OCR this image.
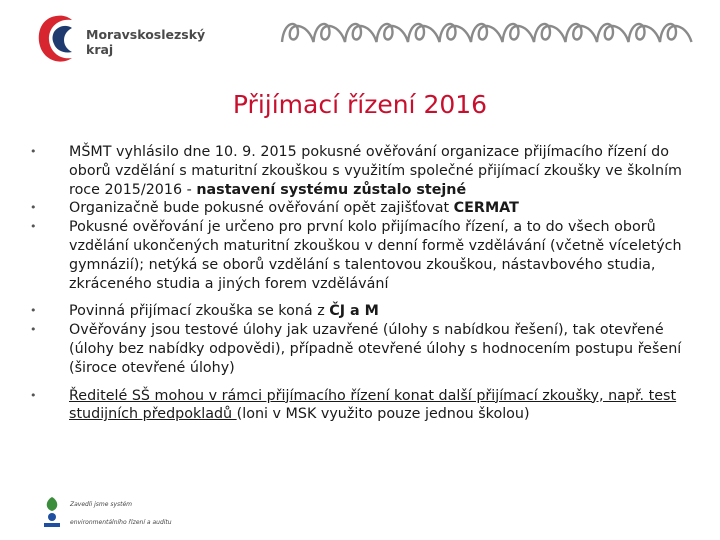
Moravskoslezský
kraj
Přijímací řízení 2016
• MŠMT vyhlásilo dne 10. 9. 2015 pokusné ověřování organizace přijímacího řízení do oborů vzdělání s maturitní zkouškou s využitím společné přijímací zkoušky ve školním roce 2015/2016 - nastavení systému zůstalo stejné
• Organizačně bude pokusné ověřování opět zajišťovat CERMAT
• Pokusné ověřování je určeno pro první kolo přijímacího řízení, a to do všech oborů vzdělání ukončených maturitní zkouškou v denní formě vzdělávání (včetně víceletých gymnázií); netýká se oborů vzdělání s talentovou zkouškou, nástavbového studia, zkráceného studia a jiných forem vzdělávání
• Povinná přijímací zkouška se koná z ČJ a M
• Ověřovány jsou testové úlohy jak uzavřené (úlohy s nabídkou řešení), tak otevřené (úlohy bez nabídky odpovědi), případně otevřené úlohy s hodnocením postupu řešení (široce otevřené úlohy)
• Ředitelé SŠ mohou v rámci přijímacího řízení konat další přijímací zkoušky, např. test studijních předpokladů (loni v MSK využito pouze jednou školou)
Zavedli jsme systém
environmentálního řízení a auditu
